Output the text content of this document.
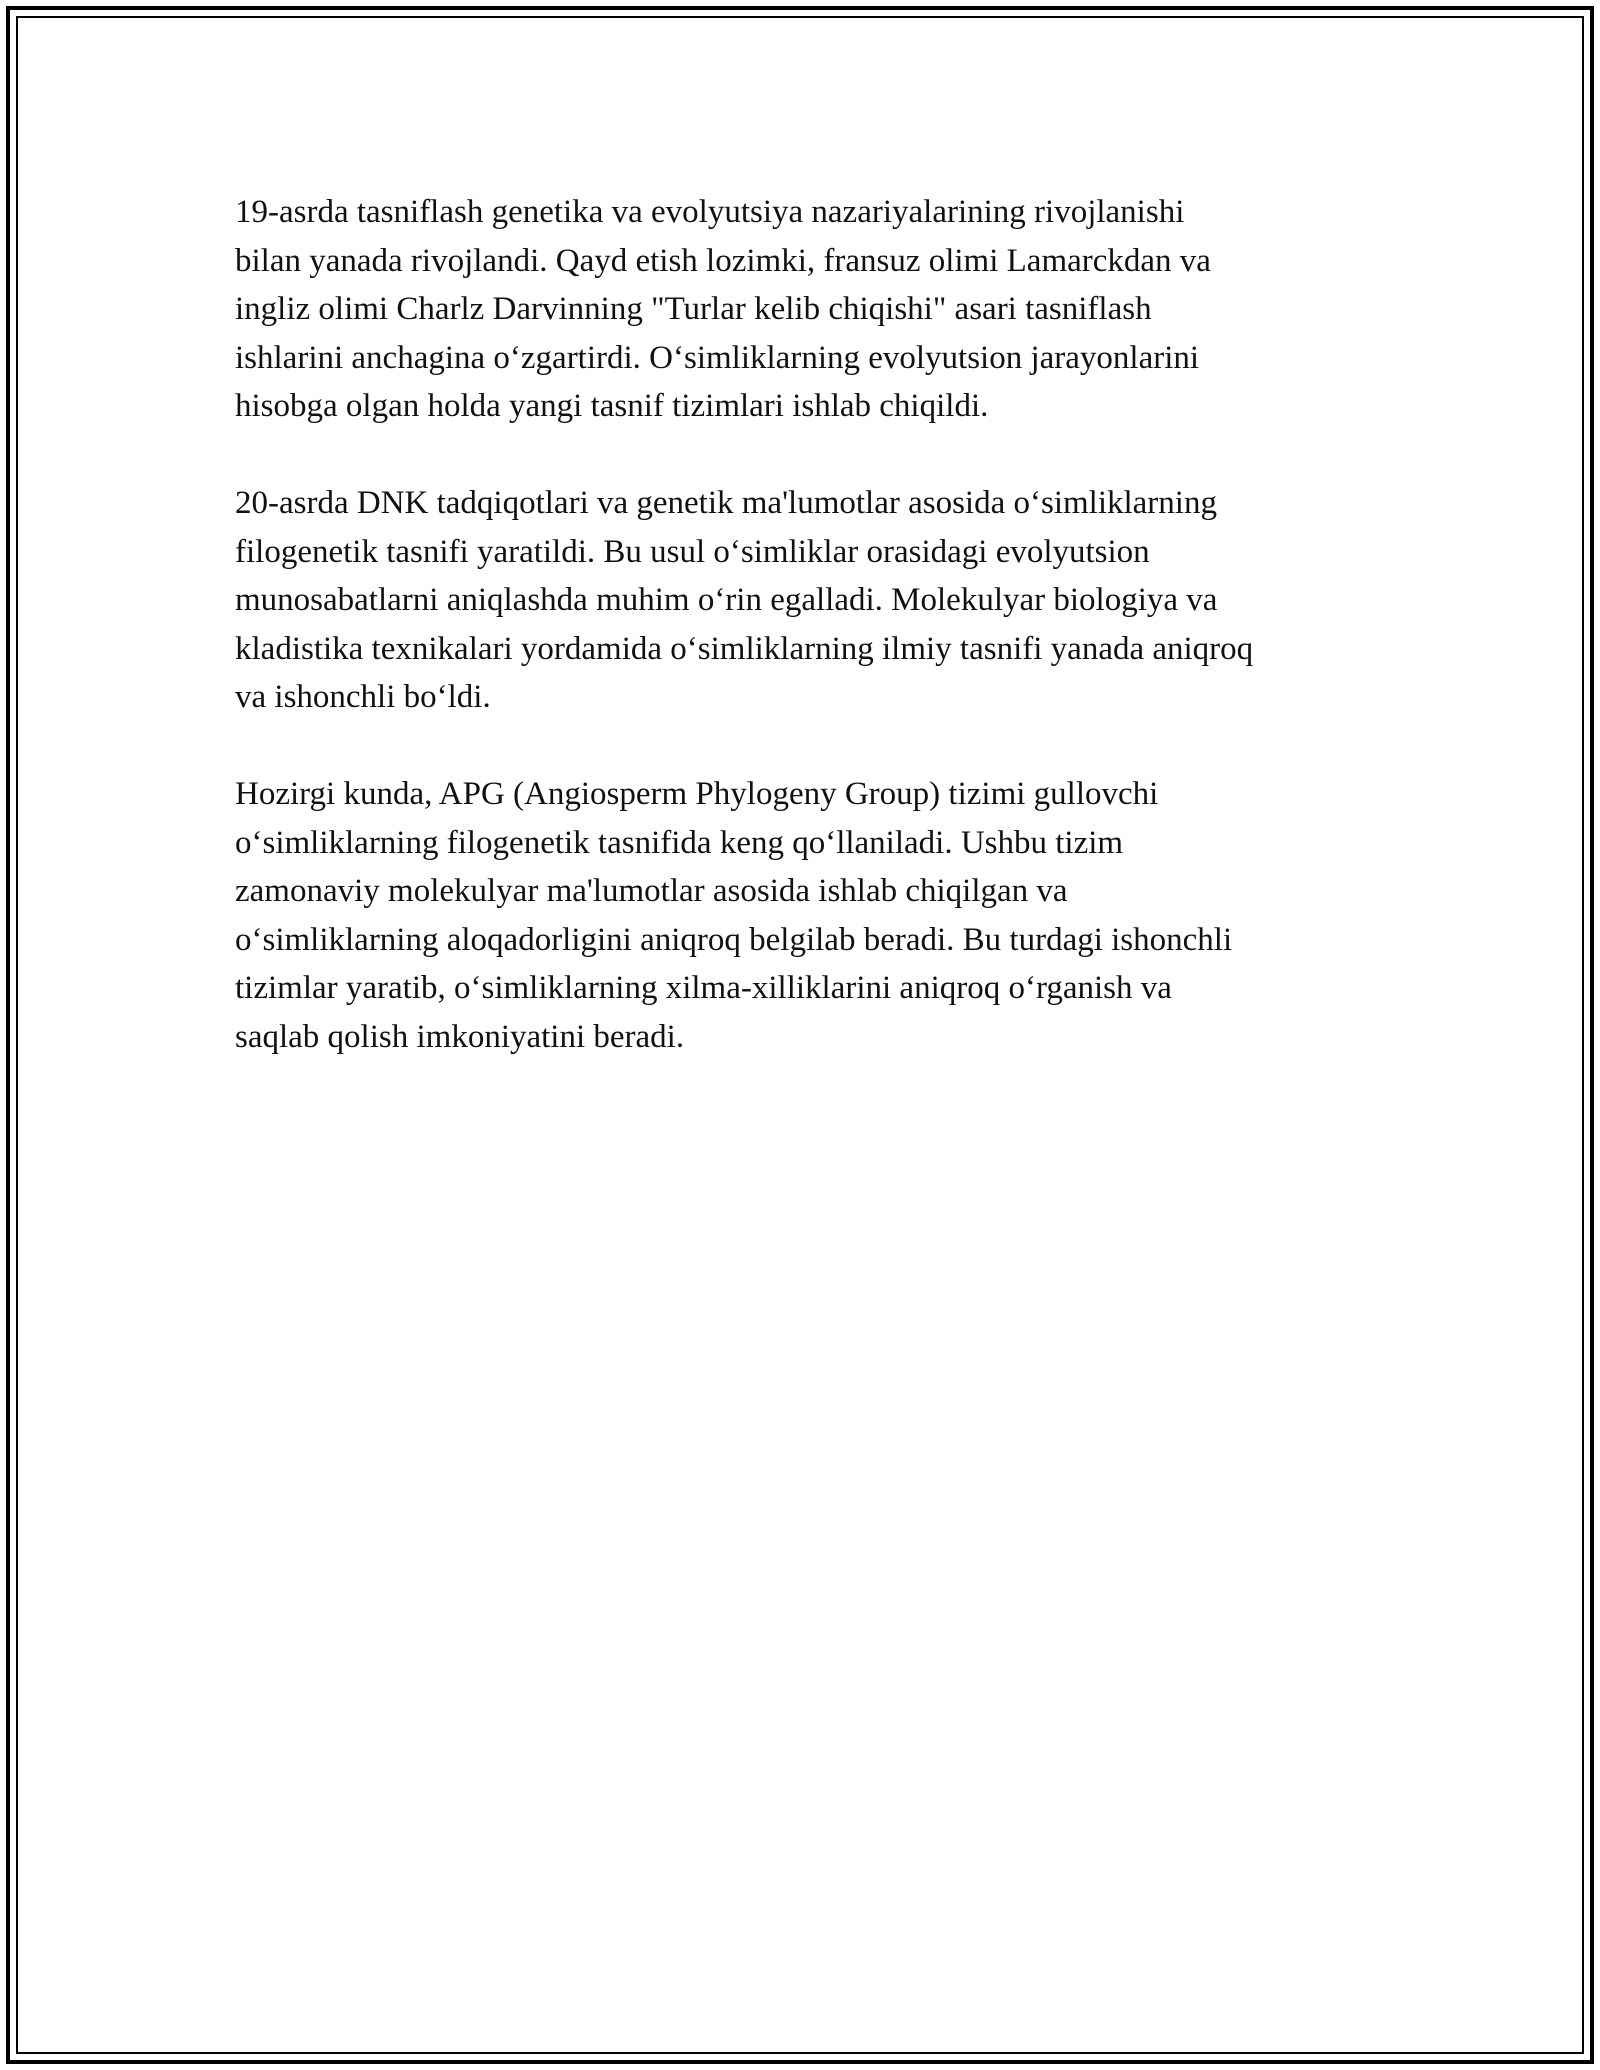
19-asrda tasniflash genetika va evolyutsiya nazariyalarining rivojlanishi
bilan yanada rivojlandi. Qayd etish lozimki, fransuz olimi Lamarckdan va
ingliz olimi Charlz Darvinning "Turlar kelib chiqishi" asari tasniflash
ishlarini anchagina o‘zgartirdi. O‘simliklarning evolyutsion jarayonlarini
hisobga olgan holda yangi tasnif tizimlari ishlab chiqildi.

20-asrda DNK tadqiqotlari va genetik ma'lumotlar asosida o‘simliklarning
filogenetik tasnifi yaratildi. Bu usul o‘simliklar orasidagi evolyutsion
munosabatlarni aniqlashda muhim o‘rin egalladi. Molekulyar biologiya va
kladistika texnikalari yordamida o‘simliklarning ilmiy tasnifi yanada aniqroq
va ishonchli bo‘ldi.

Hozirgi kunda, APG (Angiosperm Phylogeny Group) tizimi gullovchi
o‘simliklarning filogenetik tasnifida keng qo‘llaniladi. Ushbu tizim
zamonaviy molekulyar ma'lumotlar asosida ishlab chiqilgan va
o‘simliklarning aloqadorligini aniqroq belgilab beradi. Bu turdagi ishonchli
tizimlar yaratib, o‘simliklarning xilma-xilliklarini aniqroq o‘rganish va
saqlab qolish imkoniyatini beradi.
